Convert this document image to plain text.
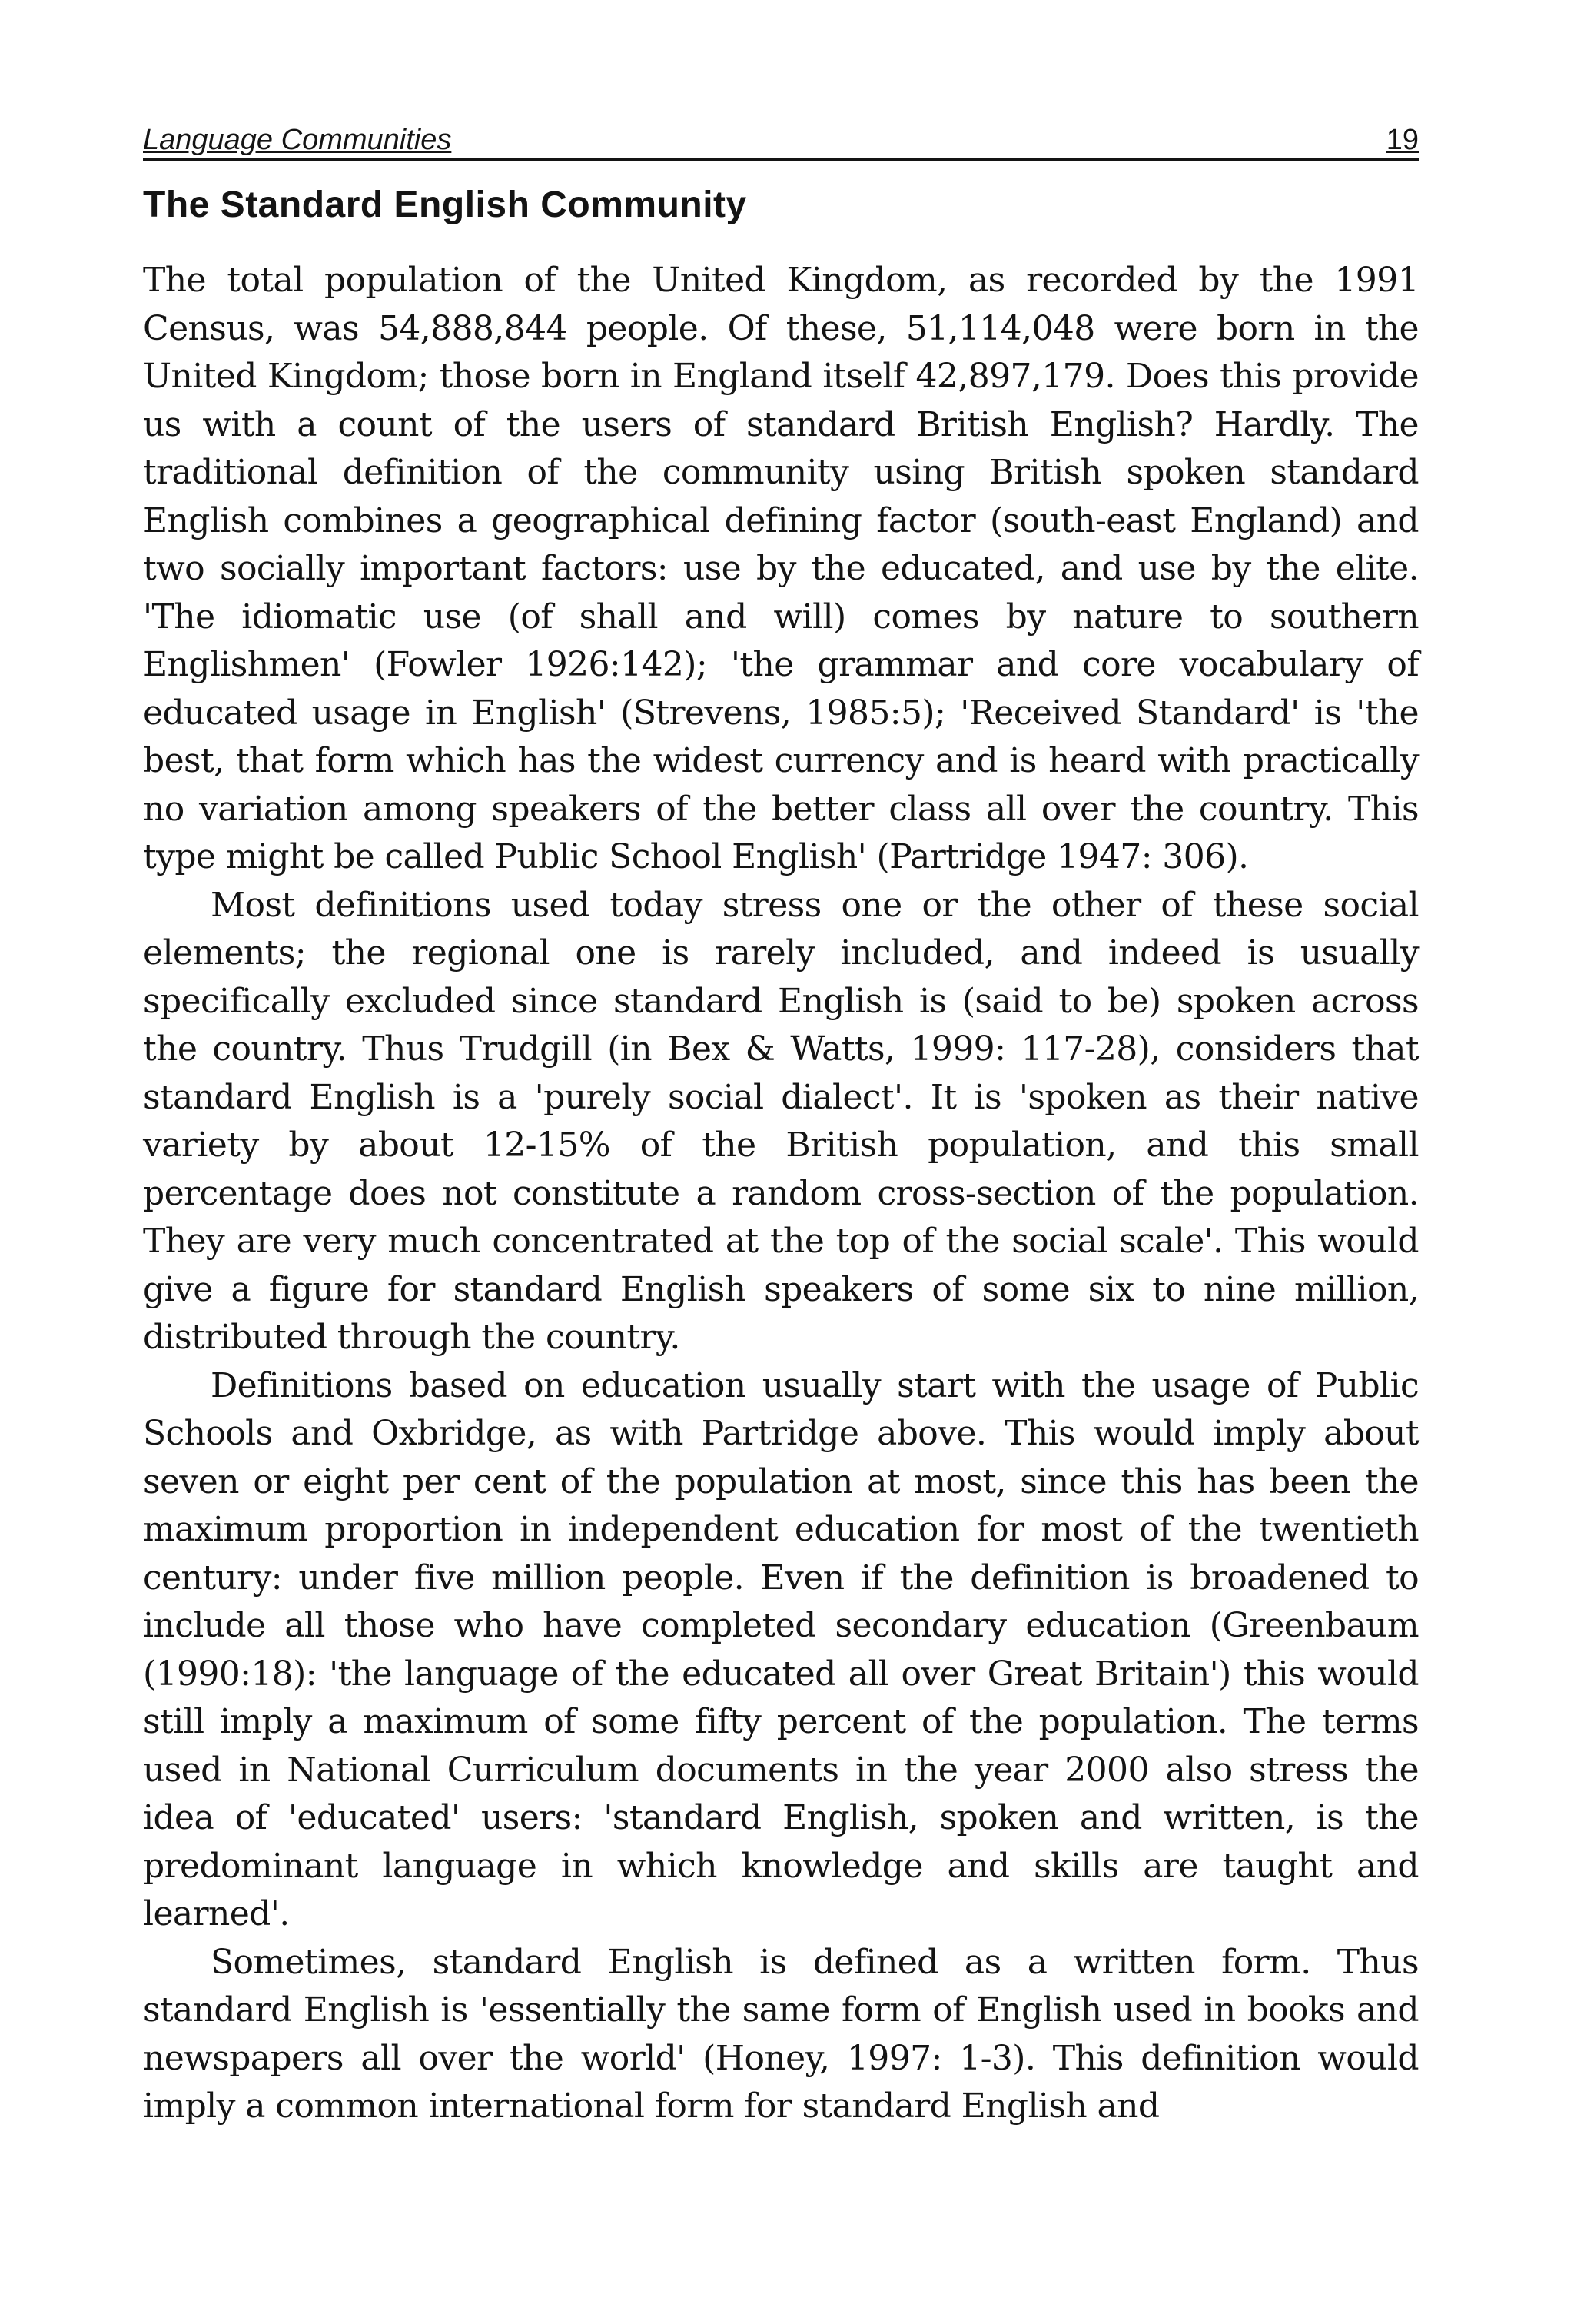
Language Communities	19
The Standard English Community

The total population of the United Kingdom, as recorded by the 1991 Census, was 54,888,844 people. Of these, 51,114,048 were born in the United Kingdom; those born in England itself 42,897,179. Does this provide us with a count of the users of standard British English? Hardly. The traditional definition of the community using British spoken standard English combines a geographical defining factor (south-east England) and two socially important factors: use by the educated, and use by the elite. 'The idiomatic use (of shall and will) comes by nature to southern Englishmen' (Fowler 1926:142); 'the grammar and core vocabulary of educated usage in English' (Strevens, 1985:5); 'Received Standard' is 'the best, that form which has the widest currency and is heard with practically no variation among speakers of the better class all over the country. This type might be called Public School English' (Partridge 1947: 306).

Most definitions used today stress one or the other of these social elements; the regional one is rarely included, and indeed is usually specifically excluded since standard English is (said to be) spoken across the country. Thus Trudgill (in Bex & Watts, 1999: 117-28), considers that standard English is a 'purely social dialect'. It is 'spoken as their native variety by about 12-15% of the British population, and this small percentage does not constitute a random cross-section of the population. They are very much concentrated at the top of the social scale'. This would give a figure for standard English speakers of some six to nine million, distributed through the country.

Definitions based on education usually start with the usage of Public Schools and Oxbridge, as with Partridge above. This would imply about seven or eight per cent of the population at most, since this has been the maximum proportion in independent education for most of the twentieth century: under five million people. Even if the definition is broadened to include all those who have completed secondary education (Greenbaum (1990:18): 'the language of the educated all over Great Britain') this would still imply a maximum of some fifty percent of the population. The terms used in National Curriculum documents in the year 2000 also stress the idea of 'educated' users: 'standard English, spoken and written, is the predominant language in which knowledge and skills are taught and learned'.

Sometimes, standard English is defined as a written form. Thus standard English is 'essentially the same form of English used in books and newspapers all over the world' (Honey, 1997: 1-3). This definition would imply a common international form for standard English and
